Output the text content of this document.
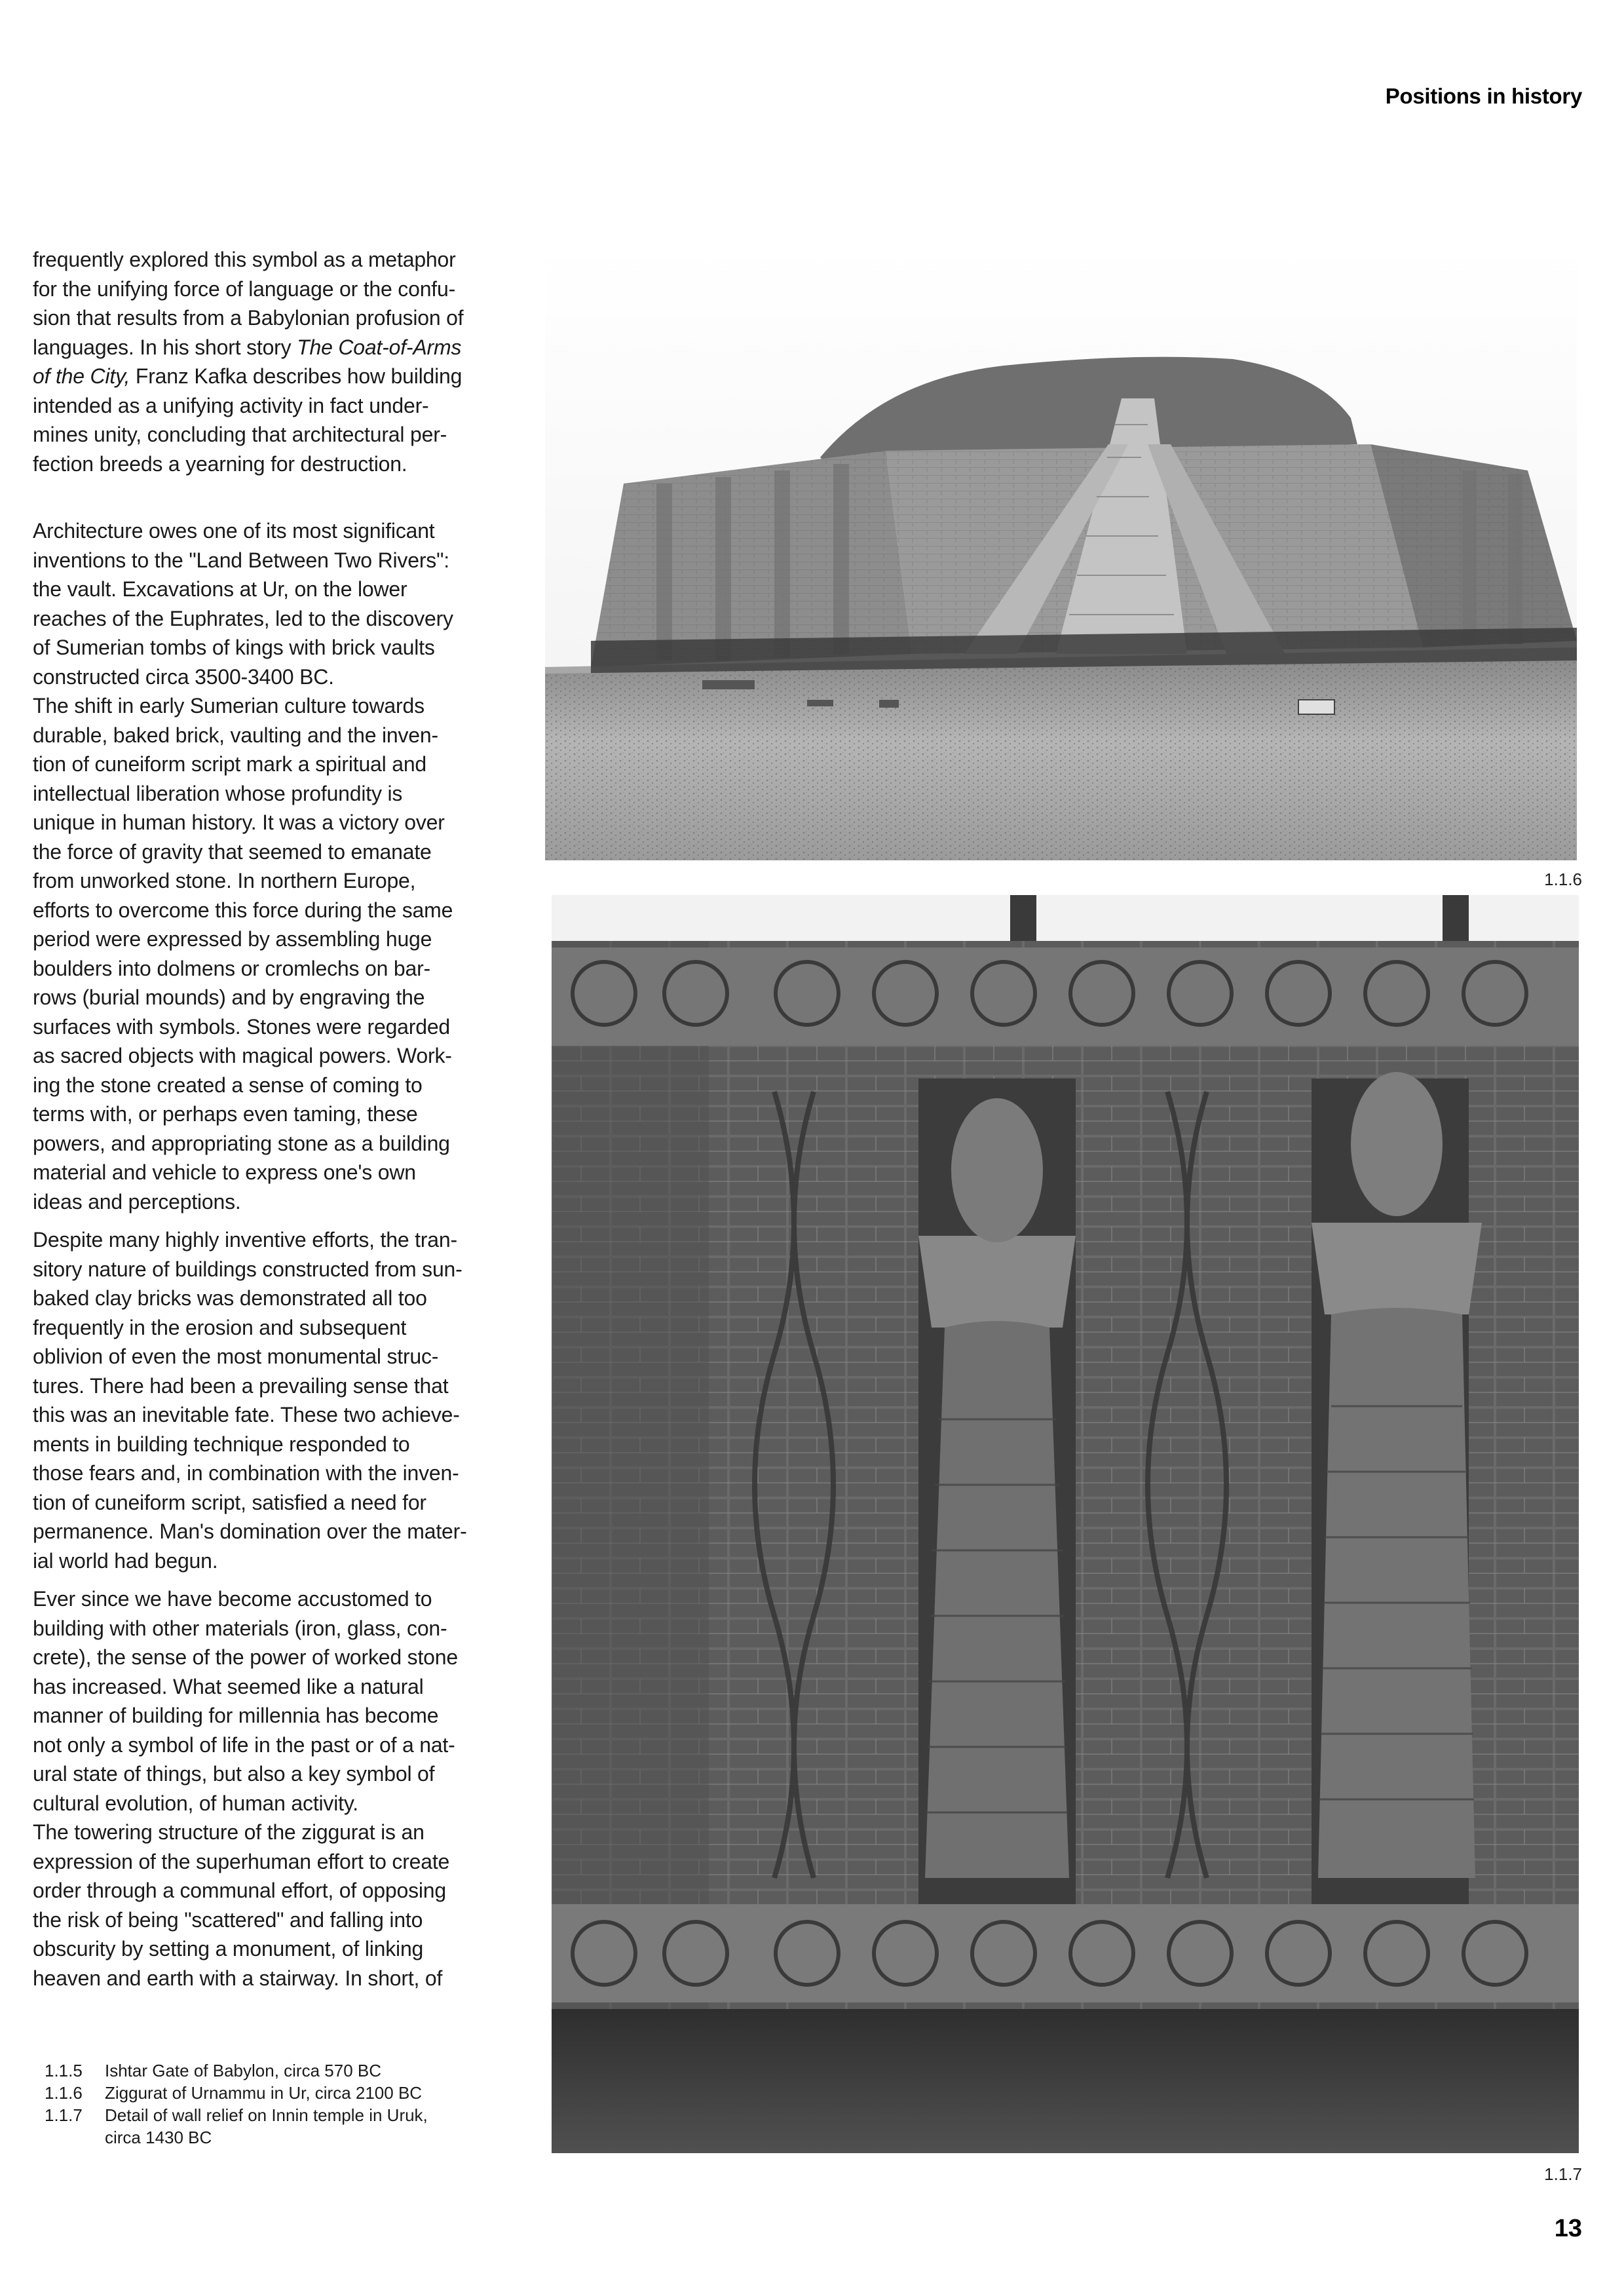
Positions in history

frequently explored this symbol as a metaphor
for the unifying force of language or the confu-
sion that results from a Babylonian profusion of
languages. In his short story The Coat-of-Arms
of the City, Franz Kafka describes how building
intended as a unifying activity in fact under-
mines unity, concluding that architectural per-
fection breeds a yearning for destruction.

Architecture owes one of its most significant
inventions to the "Land Between Two Rivers":
the vault. Excavations at Ur, on the lower
reaches of the Euphrates, led to the discovery
of Sumerian tombs of kings with brick vaults
constructed circa 3500-3400 BC.

The shift in early Sumerian culture towards
durable, baked brick, vaulting and the inven-
tion of cuneiform script mark a spiritual and
intellectual liberation whose profundity is
unique in human history. It was a victory over
the force of gravity that seemed to emanate
from unworked stone. In northern Europe,
efforts to overcome this force during the same
period were expressed by assembling huge
boulders into dolmens or cromlechs on bar-
rows (burial mounds) and by engraving the
surfaces with symbols. Stones were regarded
as sacred objects with magical powers. Work-
ing the stone created a sense of coming to
terms with, or perhaps even taming, these
powers, and appropriating stone as a building
material and vehicle to express one's own
ideas and perceptions.

Despite many highly inventive efforts, the tran-
sitory nature of buildings constructed from sun-
baked clay bricks was demonstrated all too
frequently in the erosion and subsequent
oblivion of even the most monumental struc-
tures. There had been a prevailing sense that
this was an inevitable fate. These two achieve-
ments in building technique responded to
those fears and, in combination with the inven-
tion of cuneiform script, satisfied a need for
permanence. Man's domination over the mater-
ial world had begun.

Ever since we have become accustomed to
building with other materials (iron, glass, con-
crete), the sense of the power of worked stone
has increased. What seemed like a natural
manner of building for millennia has become
not only a symbol of life in the past or of a nat-
ural state of things, but also a key symbol of
cultural evolution, of human activity.

The towering structure of the ziggurat is an
expression of the superhuman effort to create
order through a communal effort, of opposing
the risk of being "scattered" and falling into
obscurity by setting a monument, of linking
heaven and earth with a stairway. In short, of

1.1.5	Ishtar Gate of Babylon, circa 570 BC
1.1.6	Ziggurat of Urnammu in Ur, circa 2100 BC
1.1.7	Detail of wall relief on Innin temple in Uruk,
circa 1430 BC
1.1.6
1.1.7
13
